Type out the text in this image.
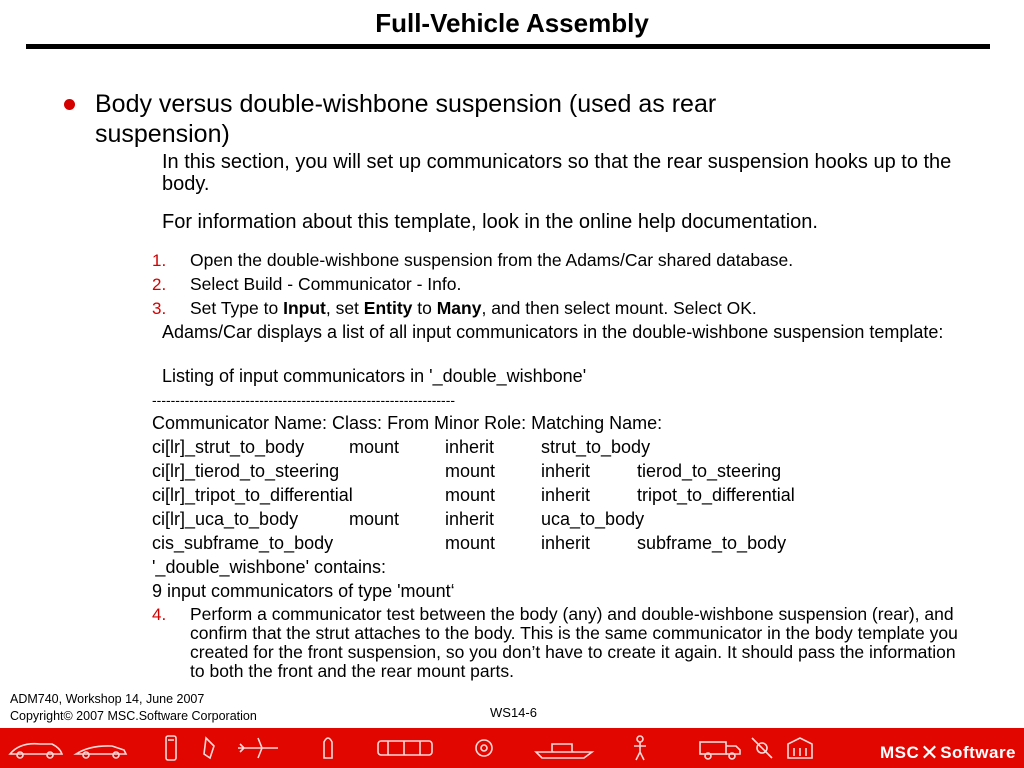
Full-Vehicle Assembly
Body versus double-wishbone suspension (used as rear suspension)
In this section, you will set up communicators so that the rear suspension hooks up to the body.
For information about this template, look in the online help documentation.
1. Open the double-wishbone suspension from the Adams/Car shared database.
2. Select Build - Communicator - Info.
3. Set Type to Input, set Entity to Many, and then select mount. Select OK.
Adams/Car displays a list of all input communicators in the double-wishbone suspension template:
Listing of input communicators in '_double_wishbone'
-----------------------------------------------------------------
Communicator Name: Class: From Minor Role: Matching Name:
ci[lr]_strut_to_body mount	inherit	strut_to_body
ci[lr]_tierod_to_steering	mount	inherit	tierod_to_steering
ci[lr]_tripot_to_differential	mount	inherit	tripot_to_differential
ci[lr]_uca_to_body	mount	inherit	uca_to_body
cis_subframe_to_body	mount	inherit	subframe_to_body
'_double_wishbone' contains:
9 input communicators of type 'mount‘
4. Perform a communicator test between the body (any) and double-wishbone suspension (rear), and confirm that the strut attaches to the body. This is the same communicator in the body template you created for the front suspension, so you don’t have to create it again. It should pass the information to both the front and the rear mount parts.
ADM740, Workshop 14, June 2007
Copyright© 2007 MSC.Software Corporation	WS14-6
MSC✕Software
